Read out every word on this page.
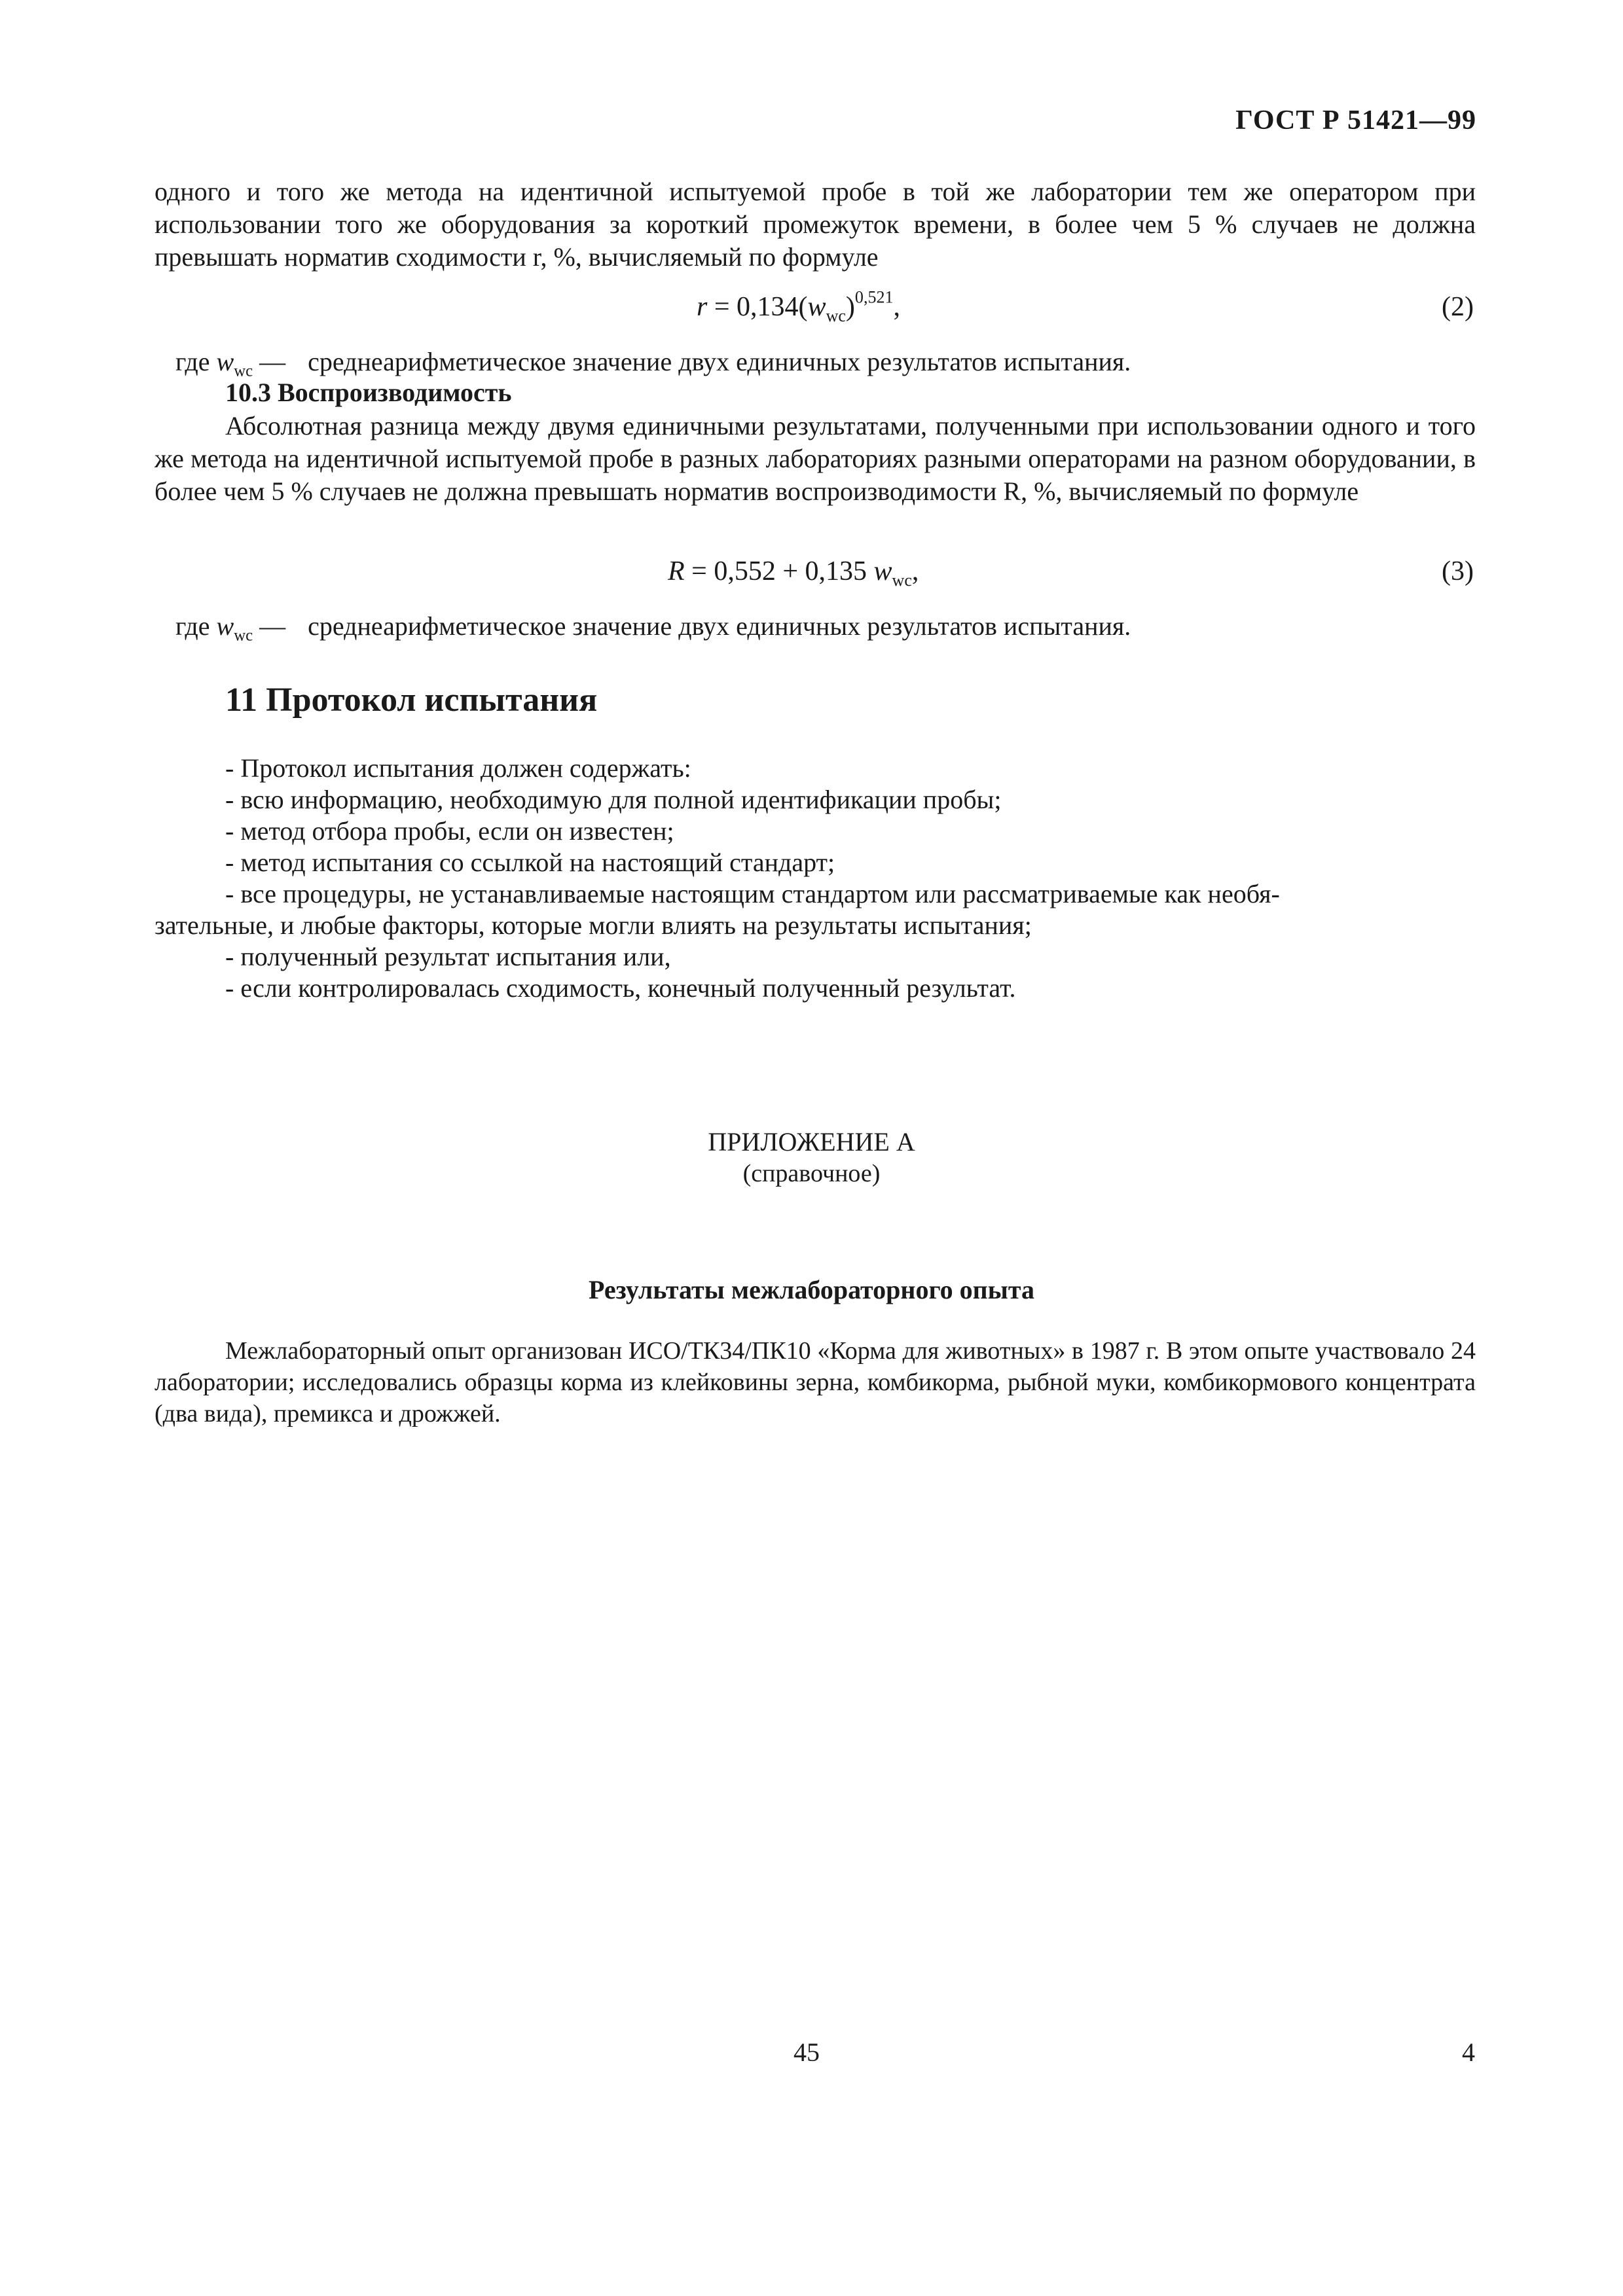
ГОСТ Р 51421—99
одного и того же метода на идентичной испытуемой пробе в той же лаборатории тем же оператором при использовании того же оборудования за короткий промежуток времени, в более чем 5 % случаев не должна превышать норматив сходимости r, %, вычисляемый по формуле
$r = 0,134(w_{wc})^{0,521}$,	(2)
где $w_{wc}$ — среднеарифметическое значение двух единичных результатов испытания.
10.3 Воспроизводимость
Абсолютная разница между двумя единичными результатами, полученными при использовании одного и того же метода на идентичной испытуемой пробе в разных лабораториях разными операторами на разном оборудовании, в более чем 5 % случаев не должна превышать норматив воспроизводимости R, %, вычисляемый по формуле
R = 0,552 + 0,135 $w_{wc}$,	(3)
где $w_{wc}$ — среднеарифметическое значение двух единичных результатов испытания.
11 Протокол испытания
- Протокол испытания должен содержать:
- всю информацию, необходимую для полной идентификации пробы;
- метод отбора пробы, если он известен;
- метод испытания со ссылкой на настоящий стандарт;
- все процедуры, не устанавливаемые настоящим стандартом или рассматриваемые как необя-
зательные, и любые факторы, которые могли влиять на результаты испытания;
- полученный результат испытания или,
- если контролировалась сходимость, конечный полученный результат.
ПРИЛОЖЕНИЕ А
(справочное)
Результаты межлабораторного опыта
Межлабораторный опыт организован ИСО/ТК34/ПК10 «Корма для животных» в 1987 г. В этом опыте участвовало 24 лаборатории; исследовались образцы корма из клейковины зерна, комбикорма, рыбной муки, комбикормового концентрата (два вида), премикса и дрожжей.
45	4
